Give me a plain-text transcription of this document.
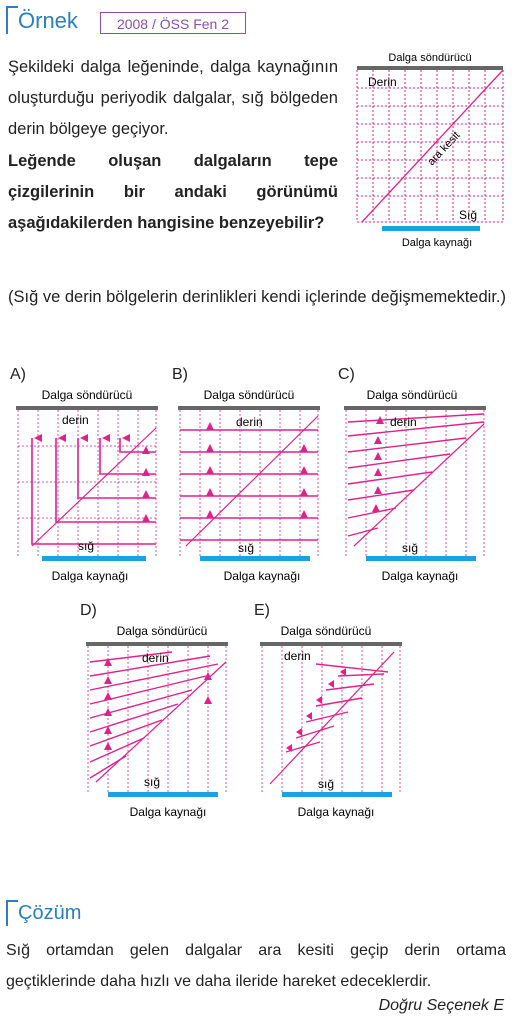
Örnek	2008 / ÖSS Fen 2
Şekildeki dalga leğeninde, dalga kaynağının oluşturduğu periyodik dalgalar, sığ bölgeden derin bölgeye geçiyor.
Leğende oluşan dalgaların tepe çizgilerinin bir andaki görünümü aşağıdakilerden hangisine benzeyebilir?
Dalga söndürücü
Derin
ara kesit
Sığ
Dalga kaynağı
(Sığ ve derin bölgelerin derinlikleri kendi içlerinde değişmemektedir.)
A)
Dalga söndürücü
derin
sığ
Dalga kaynağı
B)
Dalga söndürücü
derin
sığ
Dalga kaynağı
C)
Dalga söndürücü
derin
sığ
Dalga kaynağı
D)
Dalga söndürücü
derin
sığ
Dalga kaynağı
E)
Dalga söndürücü
derin
sığ
Dalga kaynağı
Çözüm
Sığ ortamdan gelen dalgalar ara kesiti geçip derin ortama geçtiklerinde daha hızlı ve daha ileride hareket edeceklerdir.
Doğru Seçenek E
